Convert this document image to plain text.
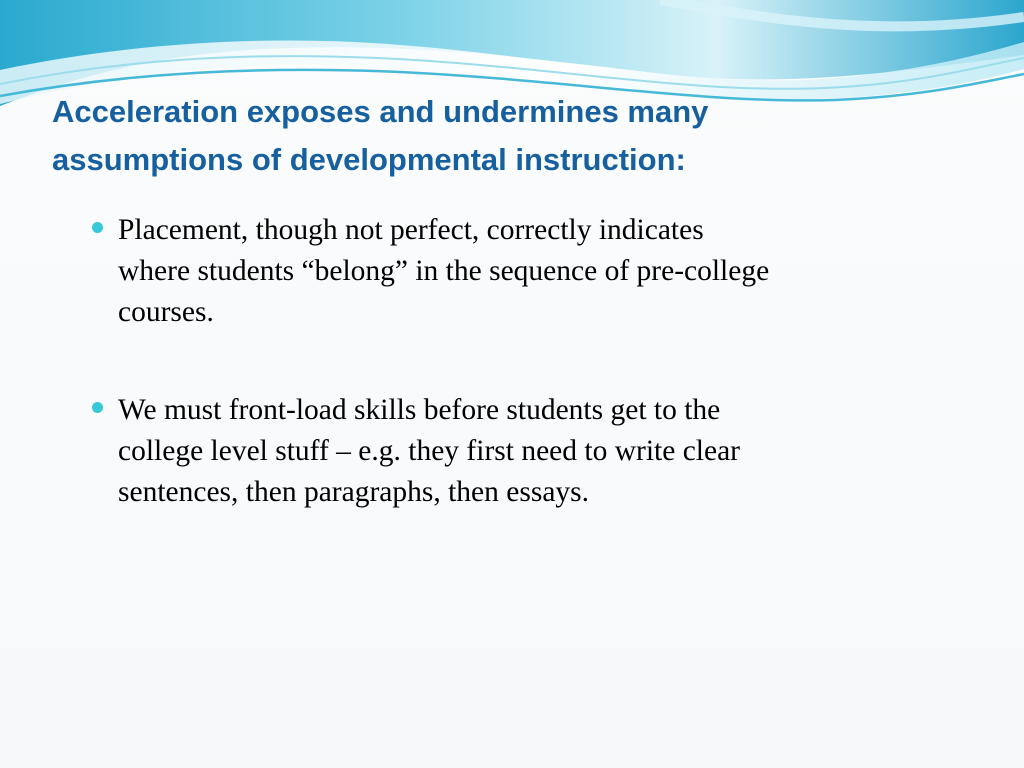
Acceleration exposes and undermines many
assumptions of developmental instruction:
Placement, though not perfect, correctly indicates
where students “belong” in the sequence of pre-college
courses.
We must front-load skills before students get to the
college level stuff – e.g. they first need to write clear
sentences, then paragraphs, then essays.
